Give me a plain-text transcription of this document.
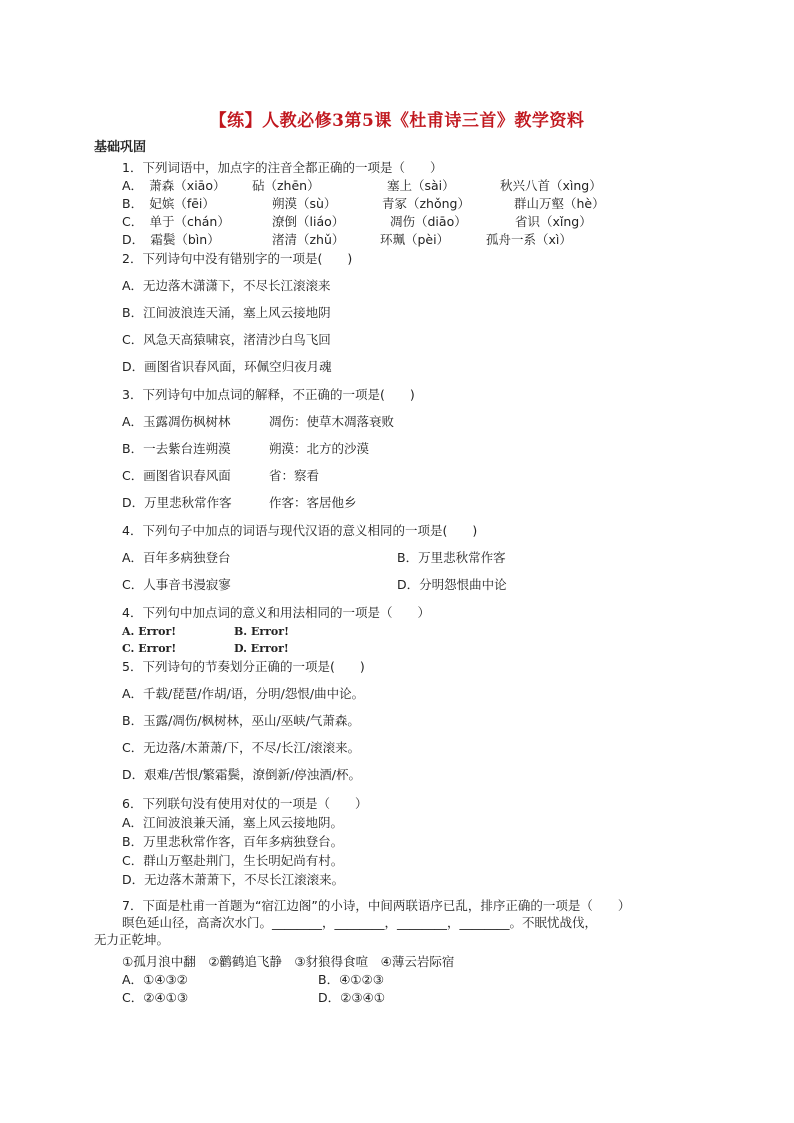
【练】人教必修3第5课《杜甫诗三首》教学资料
基础巩固
1．下列词语中，加点字的注音全都正确的一项是（　　）
A．　萧森（xiāo） 砧（zhēn）	塞上（sài）	秋兴八首（xìng）
B．　妃嫔（fēi）	朔漠（sù）	青冢（zhǒng）	群山万壑（hè）
C．　单于（chán）	潦倒（liáo）	凋伤（diāo）	省识（xǐng）
D．　霜鬓（bìn）	渚清（zhǔ）	环珮（pèi）	孤舟一系（xì）
2．下列诗句中没有错别字的一项是(　　)
A．无边落木潇潇下，不尽长江滚滚来
B．江间波浪连天涌，塞上风云接地阴
C．风急天高猿啸哀，渚清沙白鸟飞回
D．画图省识春风面，环佩空归夜月魂
3．下列诗句中加点词的解释，不正确的一项是(　　)
A．玉露凋伤枫树林	凋伤：使草木凋落衰败
B．一去紫台连朔漠	朔漠：北方的沙漠
C．画图省识春风面	省：察看
D．万里悲秋常作客	作客：客居他乡
4．下列句子中加点的词语与现代汉语的意义相同的一项是(　　)
A．百年多病独登台	B．万里悲秋常作客
C．人事音书漫寂寥	D．分明怨恨曲中论
4．下列句中加点词的意义和用法相同的一项是（　　）
A. Error!	B. Error!
C. Error!	D. Error!
5．下列诗句的节奏划分正确的一项是(　　)
A．千载/琵琶/作胡/语，分明/怨恨/曲中论。
B．玉露/凋伤/枫树林，巫山/巫峡/气萧森。
C．无边落/木萧萧/下，不尽/长江/滚滚来。
D．艰难/苦恨/繁霜鬓，潦倒新/停浊酒/杯。
6．下列联句没有使用对仗的一项是（　　）
A．江间波浪兼天涌，塞上风云接地阴。
B．万里悲秋常作客，百年多病独登台。
C．群山万壑赴荆门，生长明妃尚有村。
D．无边落木萧萧下，不尽长江滚滚来。
7．下面是杜甫一首题为“宿江边阁”的小诗，中间两联语序已乱，排序正确的一项是（　　）
暝色延山径，高斋次水门。________，________，________，________。不眠忧战伐，
无力正乾坤。
①孤月浪中翻　②鹳鹤追飞静　③豺狼得食喧　④薄云岩际宿
A．①④③②	B．④①②③
C．②④①③	D．②③④①
